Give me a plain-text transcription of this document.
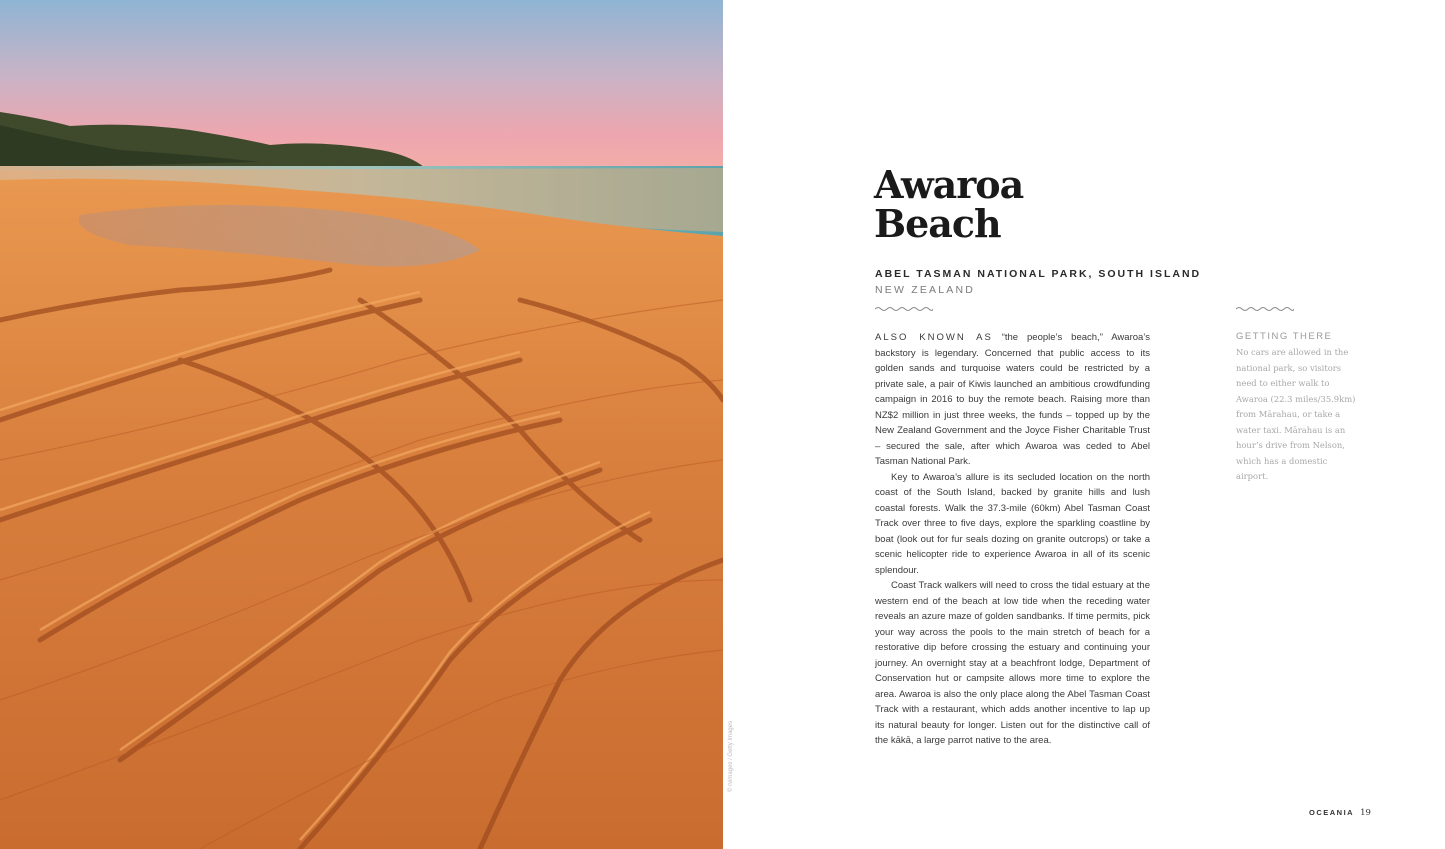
© rvimages / Getty Images
Awaroa
Beach
ABEL TASMAN NATIONAL PARK, SOUTH ISLAND
NEW ZEALAND

ALSO KNOWN AS “the people’s beach,” Awaroa’s backstory is legendary. Concerned that public access to its golden sands and turquoise waters could be restricted by a private sale, a pair of Kiwis launched an ambitious crowdfunding campaign in 2016 to buy the remote beach. Raising more than NZ$2 million in just three weeks, the funds – topped up by the New Zealand Government and the Joyce Fisher Charitable Trust – secured the sale, after which Awaroa was ceded to Abel Tasman National Park.

Key to Awaroa’s allure is its secluded location on the north coast of the South Island, backed by granite hills and lush coastal forests. Walk the 37.3-mile (60km) Abel Tasman Coast Track over three to five days, explore the sparkling coastline by boat (look out for fur seals dozing on granite outcrops) or take a scenic helicopter ride to experience Awaroa in all of its scenic splendour.

Coast Track walkers will need to cross the tidal estuary at the western end of the beach at low tide when the receding water reveals an azure maze of golden sandbanks. If time permits, pick your way across the pools to the main stretch of beach for a restorative dip before crossing the estuary and continuing your journey. An overnight stay at a beachfront lodge, Department of Conservation hut or campsite allows more time to explore the area. Awaroa is also the only place along the Abel Tasman Coast Track with a restaurant, which adds another incentive to lap up its natural beauty for longer. Listen out for the distinctive call of the kākā, a large parrot native to the area.

GETTING THERE
No cars are allowed in the national park, so visitors need to either walk to Awaroa (22.3 miles/35.9km) from Mārahau, or take a water taxi. Mārahau is an hour’s drive from Nelson, which has a domestic airport.
OCEANIA 19
